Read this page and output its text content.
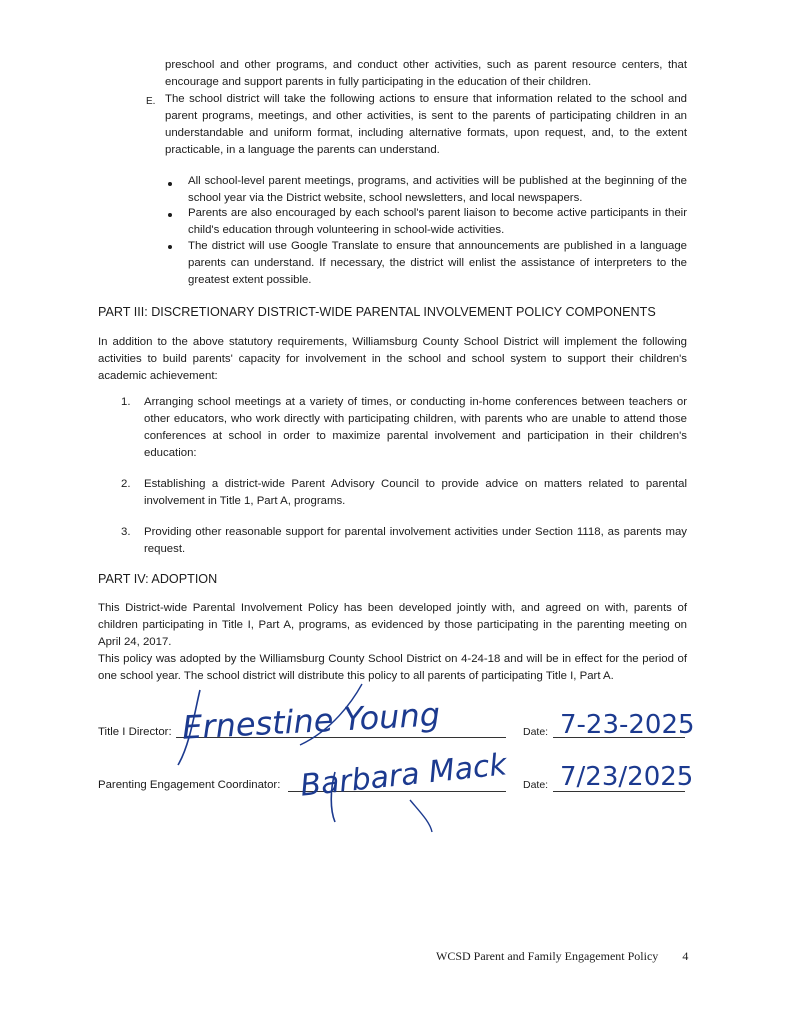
preschool and other programs, and conduct other activities, such as parent resource centers, that encourage and support parents in fully participating in the education of their children.

E. The school district will take the following actions to ensure that information related to the school and parent programs, meetings, and other activities, is sent to the parents of participating children in an understandable and uniform format, including alternative formats, upon request, and, to the extent practicable, in a language the parents can understand.

All school-level parent meetings, programs, and activities will be published at the beginning of the school year via the District website, school newsletters, and local newspapers.

Parents are also encouraged by each school's parent liaison to become active participants in their child's education through volunteering in school-wide activities.

The district will use Google Translate to ensure that announcements are published in a language parents can understand. If necessary, the district will enlist the assistance of interpreters to the greatest extent possible.

PART III: DISCRETIONARY DISTRICT-WIDE PARENTAL INVOLVEMENT POLICY COMPONENTS

In addition to the above statutory requirements, Williamsburg County School District will implement the following activities to build parents' capacity for involvement in the school and school system to support their children's academic achievement:

1. Arranging school meetings at a variety of times, or conducting in-home conferences between teachers or other educators, who work directly with participating children, with parents who are unable to attend those conferences at school in order to maximize parental involvement and participation in their children's education:

2. Establishing a district-wide Parent Advisory Council to provide advice on matters related to parental involvement in Title 1, Part A, programs.

3. Providing other reasonable support for parental involvement activities under Section 1118, as parents may request.

PART IV: ADOPTION

This District-wide Parental Involvement Policy has been developed jointly with, and agreed on with, parents of children participating in Title I, Part A, programs, as evidenced by those participating in the parenting meeting on April 24, 2017.

This policy was adopted by the Williamsburg County School District on 4-24-18 and will be in effect for the period of one school year. The school district will distribute this policy to all parents of participating Title I, Part A.

Title I Director: Ernestine Young	Date: 7-23-2025
Parenting Engagement Coordinator: Barbara Mack Date: 7/23/2025
WCSD Parent and Family Engagement Policy 4
